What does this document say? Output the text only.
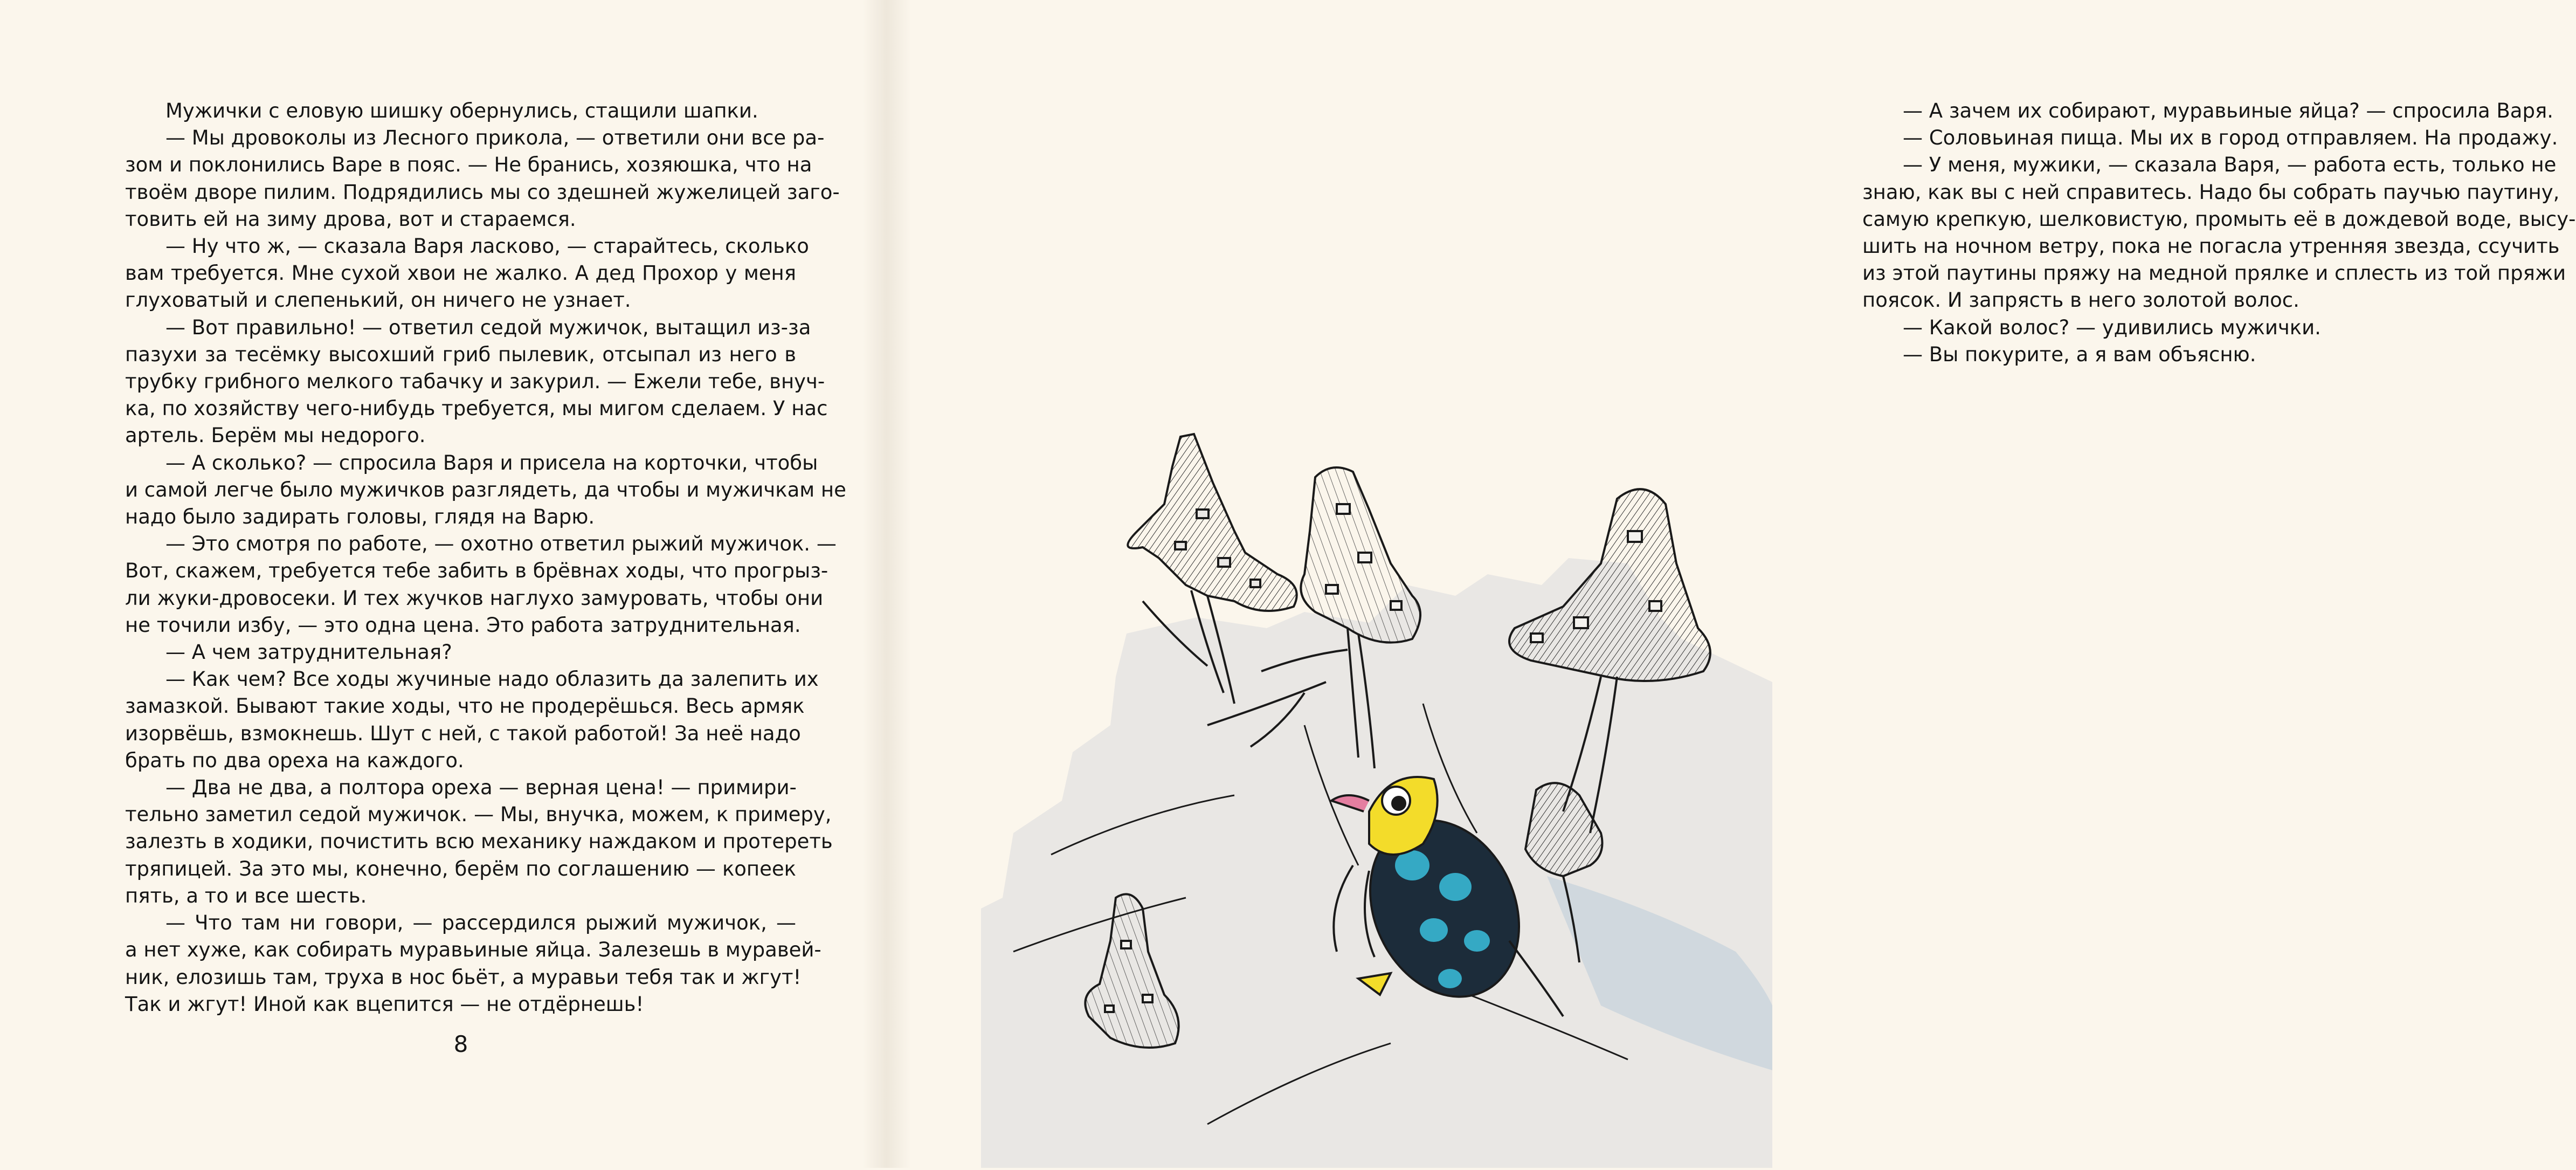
Мужички с еловую шишку обернулись, стащили шапки.
— Мы дровоколы из Лесного прикола, — ответили они все ра-
зом и поклонились Варе в пояс. — Не бранись, хозяюшка, что на
твоём дворе пилим. Подрядились мы со здешней жужелицей заго-
товить ей на зиму дрова, вот и стараемся.
— Ну что ж, — сказала Варя ласково, — старайтесь, сколько
вам требуется. Мне сухой хвои не жалко. А дед Прохор у меня
глуховатый и слепенький, он ничего не узнает.
— Вот правильно! — ответил седой мужичок, вытащил из-за
пазухи за тесёмку высохший гриб пылевик, отсыпал из него в
трубку грибного мелкого табачку и закурил. — Ежели тебе, внуч-
ка, по хозяйству чего-нибудь требуется, мы мигом сделаем. У нас
артель. Берём мы недорого.
— А сколько? — спросила Варя и присела на корточки, чтобы
и самой легче было мужичков разглядеть, да чтобы и мужичкам не
надо было задирать головы, глядя на Варю.
— Это смотря по работе, — охотно ответил рыжий мужичок. —
Вот, скажем, требуется тебе забить в брёвнах ходы, что прогрыз-
ли жуки-дровосеки. И тех жучков наглухо замуровать, чтобы они
не точили избу, — это одна цена. Это работа затруднительная.
— А чем затруднительная?
— Как чем? Все ходы жучиные надо облазить да залепить их
замазкой. Бывают такие ходы, что не продерёшься. Весь армяк
изорвёшь, взмокнешь. Шут с ней, с такой работой! За неё надо
брать по два ореха на каждого.
— Два не два, а полтора ореха — верная цена! — примири-
тельно заметил седой мужичок. — Мы, внучка, можем, к примеру,
залезть в ходики, почистить всю механику наждаком и протереть
тряпицей. За это мы, конечно, берём по соглашению — копеек
пять, а то и все шесть.
— Что там ни говори, — рассердился рыжий мужичок, —
а нет хуже, как собирать муравьиные яйца. Залезешь в муравей-
ник, елозишь там, труха в нос бьёт, а муравьи тебя так и жгут!
Так и жгут! Иной как вцепится — не отдёрнешь!
8
— А зачем их собирают, муравьиные яйца? — спросила Варя.
— Соловьиная пища. Мы их в город отправляем. На продажу.
— У меня, мужики, — сказала Варя, — работа есть, только не
знаю, как вы с ней справитесь. Надо бы собрать паучью паутину,
самую крепкую, шелковистую, промыть её в дождевой воде, высу-
шить на ночном ветру, пока не погасла утренняя звезда, ссучить
из этой паутины пряжу на медной прялке и сплесть из той пряжи
поясок. И запрясть в него золотой волос.
— Какой волос? — удивились мужички.
— Вы покурите, а я вам объясню.
